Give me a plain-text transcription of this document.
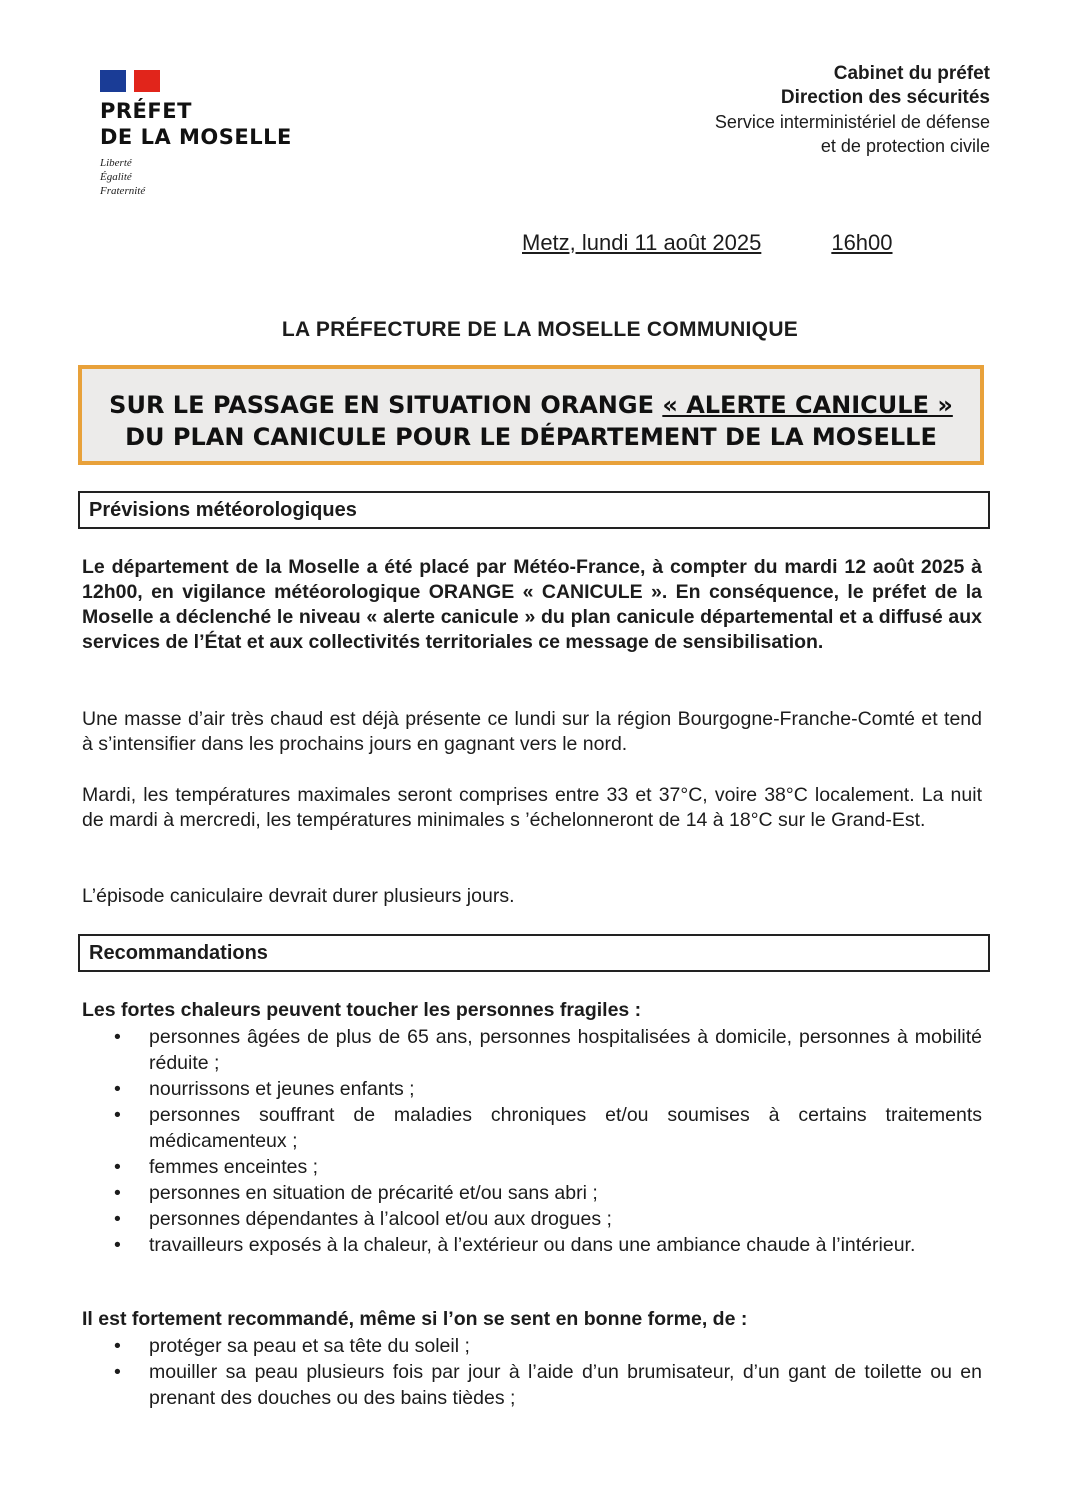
PRÉFET
DE LA MOSELLE
Liberté
Égalité
Fraternité
Cabinet du préfet
Direction des sécurités
Service interministériel de défense
et de protection civile
Metz, lundi 11 août 2025	16h00
LA PRÉFECTURE DE LA MOSELLE COMMUNIQUE
SUR LE PASSAGE EN SITUATION ORANGE « ALERTE CANICULE »
DU PLAN CANICULE POUR LE DÉPARTEMENT DE LA MOSELLE
Prévisions météorologiques
Le département de la Moselle a été placé par Météo-France, à compter du mardi 12 août 2025 à 12h00, en vigilance météorologique ORANGE « CANICULE ». En conséquence, le préfet de la Moselle a déclenché le niveau « alerte canicule » du plan canicule départemental et a diffusé aux services de l’État et aux collectivités territoriales ce message de sensibilisation.
Une masse d’air très chaud est déjà présente ce lundi sur la région Bourgogne-Franche-Comté et tend à s’intensifier dans les prochains jours en gagnant vers le nord.
Mardi, les températures maximales seront comprises entre 33 et 37°C, voire 38°C localement. La nuit de mardi à mercredi, les températures minimales s ’échelonneront de 14 à 18°C sur le Grand-Est.
L’épisode caniculaire devrait durer plusieurs jours.
Recommandations
Les fortes chaleurs peuvent toucher les personnes fragiles :
• personnes âgées de plus de 65 ans, personnes hospitalisées à domicile, personnes à mobilité réduite ;
• nourrissons et jeunes enfants ;
• personnes souffrant de maladies chroniques et/ou soumises à certains traitements médicamenteux ;
• femmes enceintes ;
• personnes en situation de précarité et/ou sans abri ;
• personnes dépendantes à l’alcool et/ou aux drogues ;
• travailleurs exposés à la chaleur, à l’extérieur ou dans une ambiance chaude à l’intérieur.
Il est fortement recommandé, même si l’on se sent en bonne forme, de :
• protéger sa peau et sa tête du soleil ;
• mouiller sa peau plusieurs fois par jour à l’aide d’un brumisateur, d’un gant de toilette ou en prenant des douches ou des bains tièdes ;
